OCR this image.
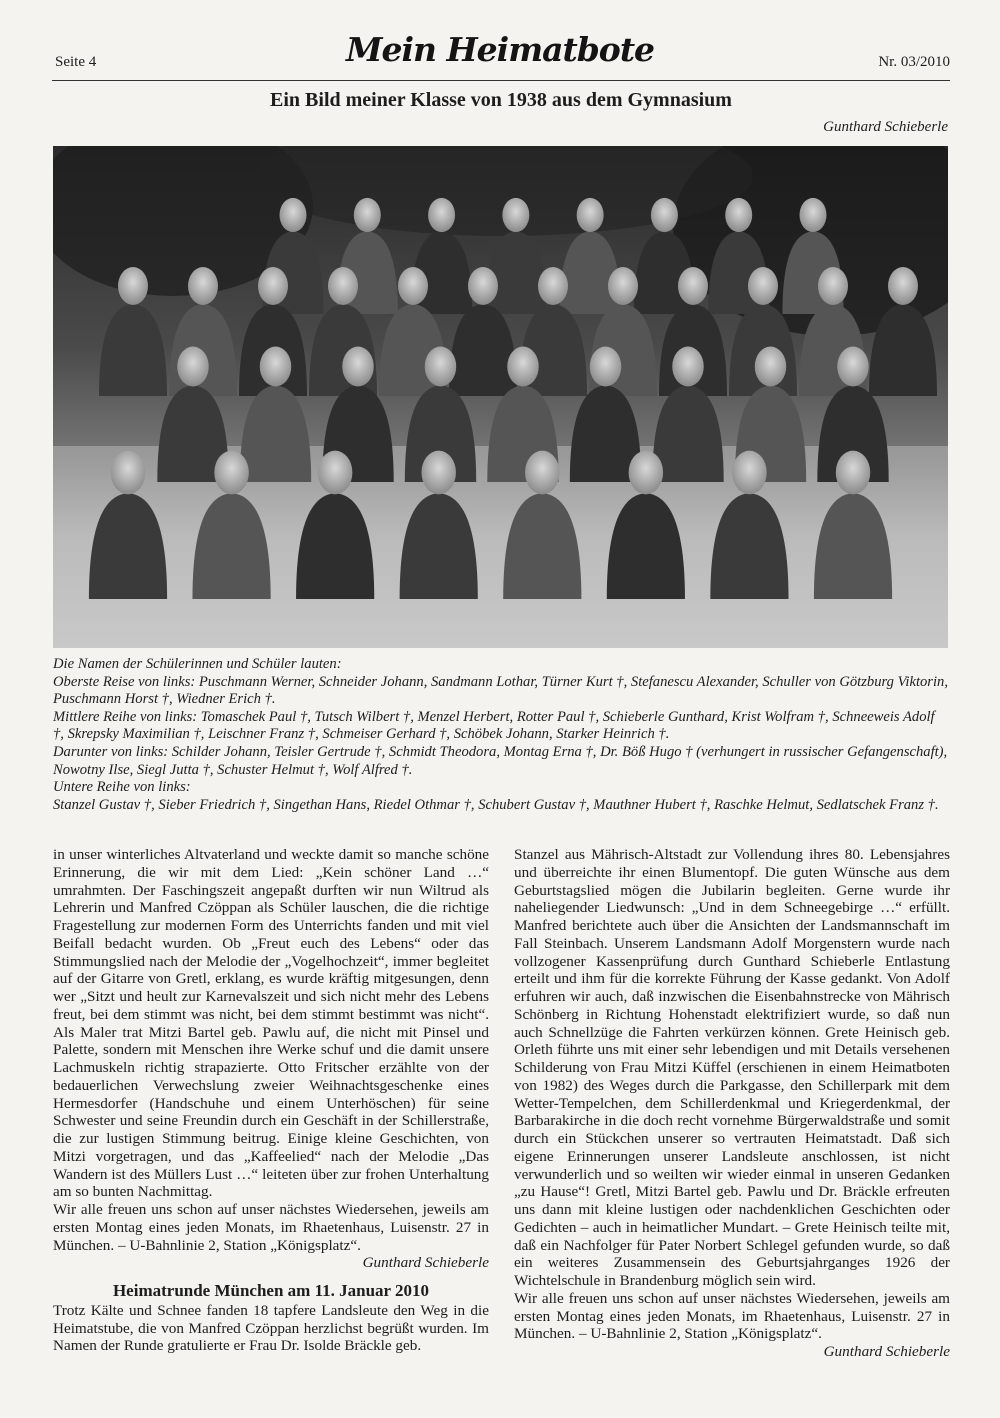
Seite 4	Mein Heimatbote	Nr. 03/2010
Ein Bild meiner Klasse von 1938 aus dem Gymnasium
Gunthard Schieberle

Die Namen der Schülerinnen und Schüler lauten:

Oberste Reise von links: Puschmann Werner, Schneider Johann, Sandmann Lothar, Türner Kurt †, Stefanescu Alexander, Schuller von Götzburg Viktorin, Puschmann Horst †, Wiedner Erich †.

Mittlere Reihe von links: Tomaschek Paul †, Tutsch Wilbert †, Menzel Herbert, Rotter Paul †, Schieberle Gunthard, Krist Wolfram †, Schneeweis Adolf †, Skrepsky Maximilian †, Leischner Franz †, Schmeiser Gerhard †, Schöbek Johann, Starker Heinrich †.

Darunter von links: Schilder Johann, Teisler Gertrude †, Schmidt Theodora, Montag Erna †, Dr. Böß Hugo † (verhungert in russischer Gefangenschaft), Nowotny Ilse, Siegl Jutta †, Schuster Helmut †, Wolf Alfred †.

Untere Reihe von links:

Stanzel Gustav †, Sieber Friedrich †, Singethan Hans, Riedel Othmar †, Schubert Gustav †, Mauthner Hubert †, Raschke Helmut, Sedlatschek Franz †.

in unser winterliches Altvaterland und weckte damit so manche schöne Erinnerung, die wir mit dem Lied: „Kein schöner Land …“ umrahmten. Der Faschingszeit angepaßt durften wir nun Wiltrud als Lehrerin und Manfred Czöppan als Schüler lauschen, die die richtige Fragestellung zur modernen Form des Unterrichts fanden und mit viel Beifall bedacht wurden. Ob „Freut euch des Lebens“ oder das Stimmungslied nach der Melodie der „Vogelhochzeit“, immer begleitet auf der Gitarre von Gretl, erklang, es wurde kräftig mitgesungen, denn wer „Sitzt und heult zur Karnevalszeit und sich nicht mehr des Lebens freut, bei dem stimmt was nicht, bei dem stimmt bestimmt was nicht“. Als Maler trat Mitzi Bartel geb. Pawlu auf, die nicht mit Pinsel und Palette, sondern mit Menschen ihre Werke schuf und die damit unsere Lachmuskeln richtig strapazierte. Otto Fritscher erzählte von der bedauerlichen Verwechslung zweier Weihnachtsgeschenke eines Hermesdorfer (Handschuhe und einem Unterhöschen) für seine Schwester und seine Freundin durch ein Geschäft in der Schillerstraße, die zur lustigen Stimmung beitrug. Einige kleine Geschichten, von Mitzi vorgetragen, und das „Kaffeelied“ nach der Melodie „Das Wandern ist des Müllers Lust …“ leiteten über zur frohen Unterhaltung am so bunten Nachmittag.

Wir alle freuen uns schon auf unser nächstes Wiedersehen, jeweils am ersten Montag eines jeden Monats, im Rhaetenhaus, Luisenstr. 27 in München. – U-Bahnlinie 2, Station „Königsplatz“.

Gunthard Schieberle

Heimatrunde München am 11. Januar 2010

Trotz Kälte und Schnee fanden 18 tapfere Landsleute den Weg in die Heimatstube, die von Manfred Czöppan herzlichst begrüßt wurden. Im Namen der Runde gratulierte er Frau Dr. Isolde Bräckle geb.

Stanzel aus Mährisch-Altstadt zur Vollendung ihres 80. Lebensjahres und überreichte ihr einen Blumentopf. Die guten Wünsche aus dem Geburtstagslied mögen die Jubilarin begleiten. Gerne wurde ihr naheliegender Liedwunsch: „Und in dem Schneegebirge …“ erfüllt. Manfred berichtete auch über die Ansichten der Landsmannschaft im Fall Steinbach. Unserem Landsmann Adolf Morgenstern wurde nach vollzogener Kassenprüfung durch Gunthard Schieberle Entlastung erteilt und ihm für die korrekte Führung der Kasse gedankt. Von Adolf erfuhren wir auch, daß inzwischen die Eisenbahnstrecke von Mährisch Schönberg in Richtung Hohenstadt elektrifiziert wurde, so daß nun auch Schnellzüge die Fahrten verkürzen können. Grete Heinisch geb. Orleth führte uns mit einer sehr lebendigen und mit Details versehenen Schilderung von Frau Mitzi Küffel (erschienen in einem Heimatboten von 1982) des Weges durch die Parkgasse, den Schillerpark mit dem Wetter-Tempelchen, dem Schillerdenkmal und Kriegerdenkmal, der Barbarakirche in die doch recht vornehme Bürgerwaldstraße und somit durch ein Stückchen unserer so vertrauten Heimatstadt. Daß sich eigene Erinnerungen unserer Landsleute anschlossen, ist nicht verwunderlich und so weilten wir wieder einmal in unseren Gedanken „zu Hause“! Gretl, Mitzi Bartel geb. Pawlu und Dr. Bräckle erfreuten uns dann mit kleine lustigen oder nachdenklichen Geschichten oder Gedichten – auch in heimatlicher Mundart. – Grete Heinisch teilte mit, daß ein Nachfolger für Pater Norbert Schlegel gefunden wurde, so daß ein weiteres Zusammensein des Geburtsjahrganges 1926 der Wichtelschule in Brandenburg möglich sein wird.

Wir alle freuen uns schon auf unser nächstes Wiedersehen, jeweils am ersten Montag eines jeden Monats, im Rhaetenhaus, Luisenstr. 27 in München. – U-Bahnlinie 2, Station „Königsplatz“.

Gunthard Schieberle
